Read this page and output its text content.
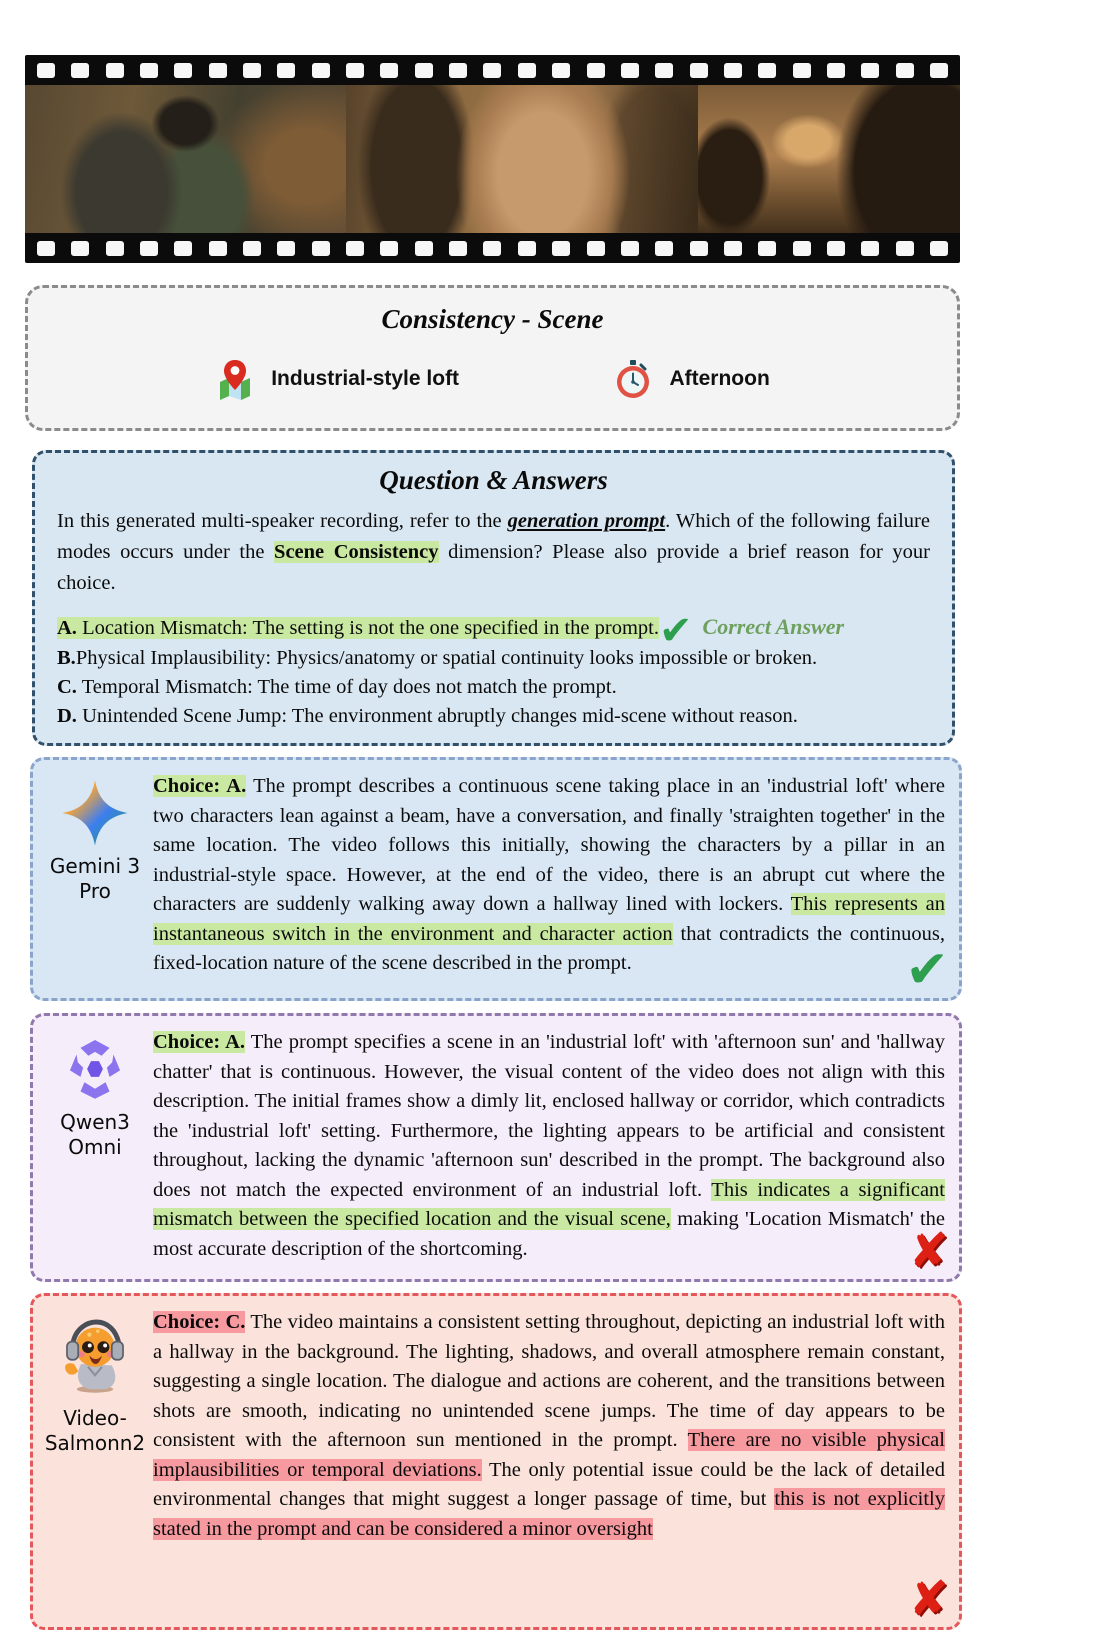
Consistency - Scene
Industrial-style loft	Afternoon
Question & Answers
In this generated multi-speaker recording, refer to the generation prompt. Which of the following failure modes occurs under the Scene Consistency dimension? Please also provide a brief reason for your choice.
A. Location Mismatch: The setting is not the one specified in the prompt.✔ Correct Answer
B.Physical Implausibility: Physics/anatomy or spatial continuity looks impossible or broken.
C. Temporal Mismatch: The time of day does not match the prompt.
D. Unintended Scene Jump: The environment abruptly changes mid-scene without reason.
Gemini 3 Pro
Choice: A. The prompt describes a continuous scene taking place in an 'industrial loft' where two characters lean against a beam, have a conversation, and finally 'straighten together' in the same location. The video follows this initially, showing the characters by a pillar in an industrial-style space. However, at the end of the video, there is an abrupt cut where the characters are suddenly walking away down a hallway lined with lockers. This represents an instantaneous switch in the environment and character action that contradicts the continuous, fixed-location nature of the scene described in the prompt.	✔
Qwen3 Omni
Choice: A. The prompt specifies a scene in an 'industrial loft' with 'afternoon sun' and 'hallway chatter' that is continuous. However, the visual content of the video does not align with this description. The initial frames show a dimly lit, enclosed hallway or corridor, which contradicts the 'industrial loft' setting. Furthermore, the lighting appears to be artificial and consistent throughout, lacking the dynamic 'afternoon sun' described in the prompt. The background also does not match the expected environment of an industrial loft. This indicates a significant mismatch between the specified location and the visual scene, making 'Location Mismatch' the most accurate description of the shortcoming.	✘
Video-Salmonn2
Choice: C. The video maintains a consistent setting throughout, depicting an industrial loft with a hallway in the background. The lighting, shadows, and overall atmosphere remain constant, suggesting a single location. The dialogue and actions are coherent, and the transitions between shots are smooth, indicating no unintended scene jumps. The time of day appears to be consistent with the afternoon sun mentioned in the prompt. There are no visible physical implausibilities or temporal deviations. The only potential issue could be the lack of detailed environmental changes that might suggest a longer passage of time, but this is not explicitly stated in the prompt and can be considered a minor oversight
✘
